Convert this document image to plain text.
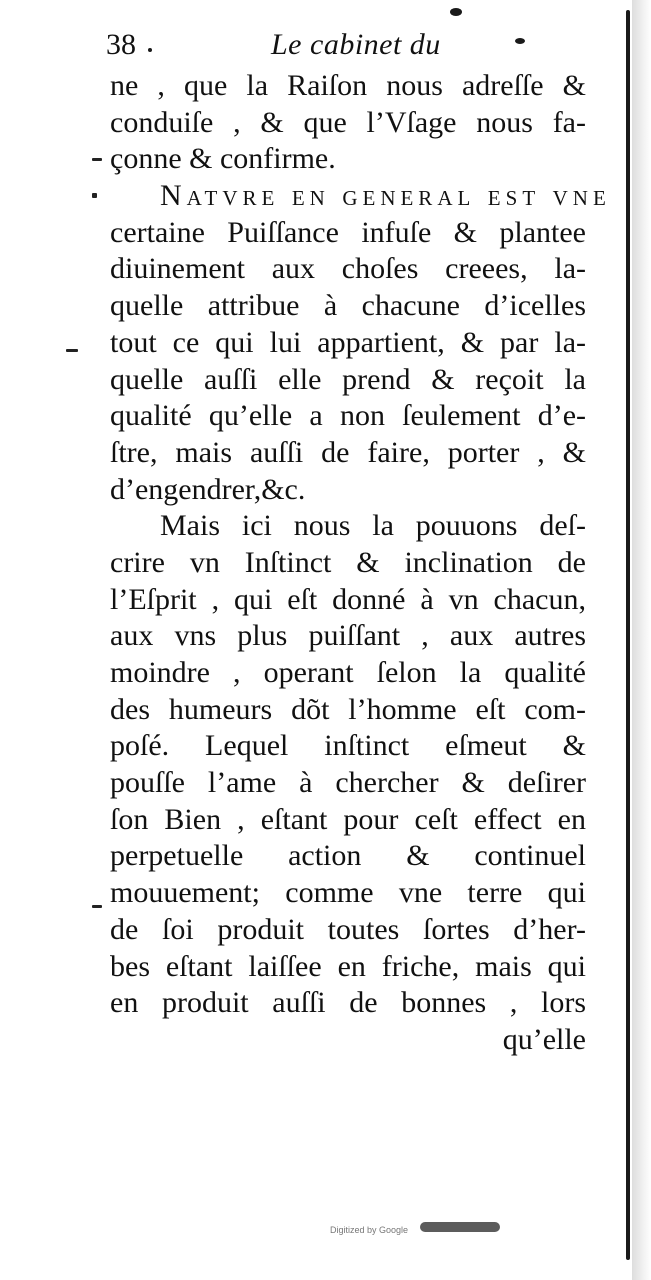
38	Le cabinet du
ne , que la Raiſon nous adreſſe &
conduiſe , & que l’Vſage nous fa-
çonne & confirme.
Natvre en general eſt vne
certaine Puiſſance infuſe & plantee
diuinement aux choſes creees, la-
quelle attribue à chacune d’icelles
tout ce qui lui appartient, & par la-
quelle auſſi elle prend & reçoit la
qualité qu’elle a non ſeulement d’e-
ſtre, mais auſſi de faire, porter , &
d’engendrer,&c.
Mais ici nous la pouuons deſ-
crire vn Inſtinct & inclination de
l’Eſprit , qui eſt donné à vn chacun,
aux vns plus puiſſant , aux autres
moindre , operant ſelon la qualité
des humeurs dõt l’homme eſt com-
poſé. Lequel inſtinct eſmeut &
pouſſe l’ame à chercher & deſirer
ſon Bien , eſtant pour ceſt effect en
perpetuelle action & continuel
mouuement; comme vne terre qui
de ſoi produit toutes ſortes d’her-
bes eſtant laiſſee en friche, mais qui
en produit auſſi de bonnes , lors
qu’elle
Digitized by Google
